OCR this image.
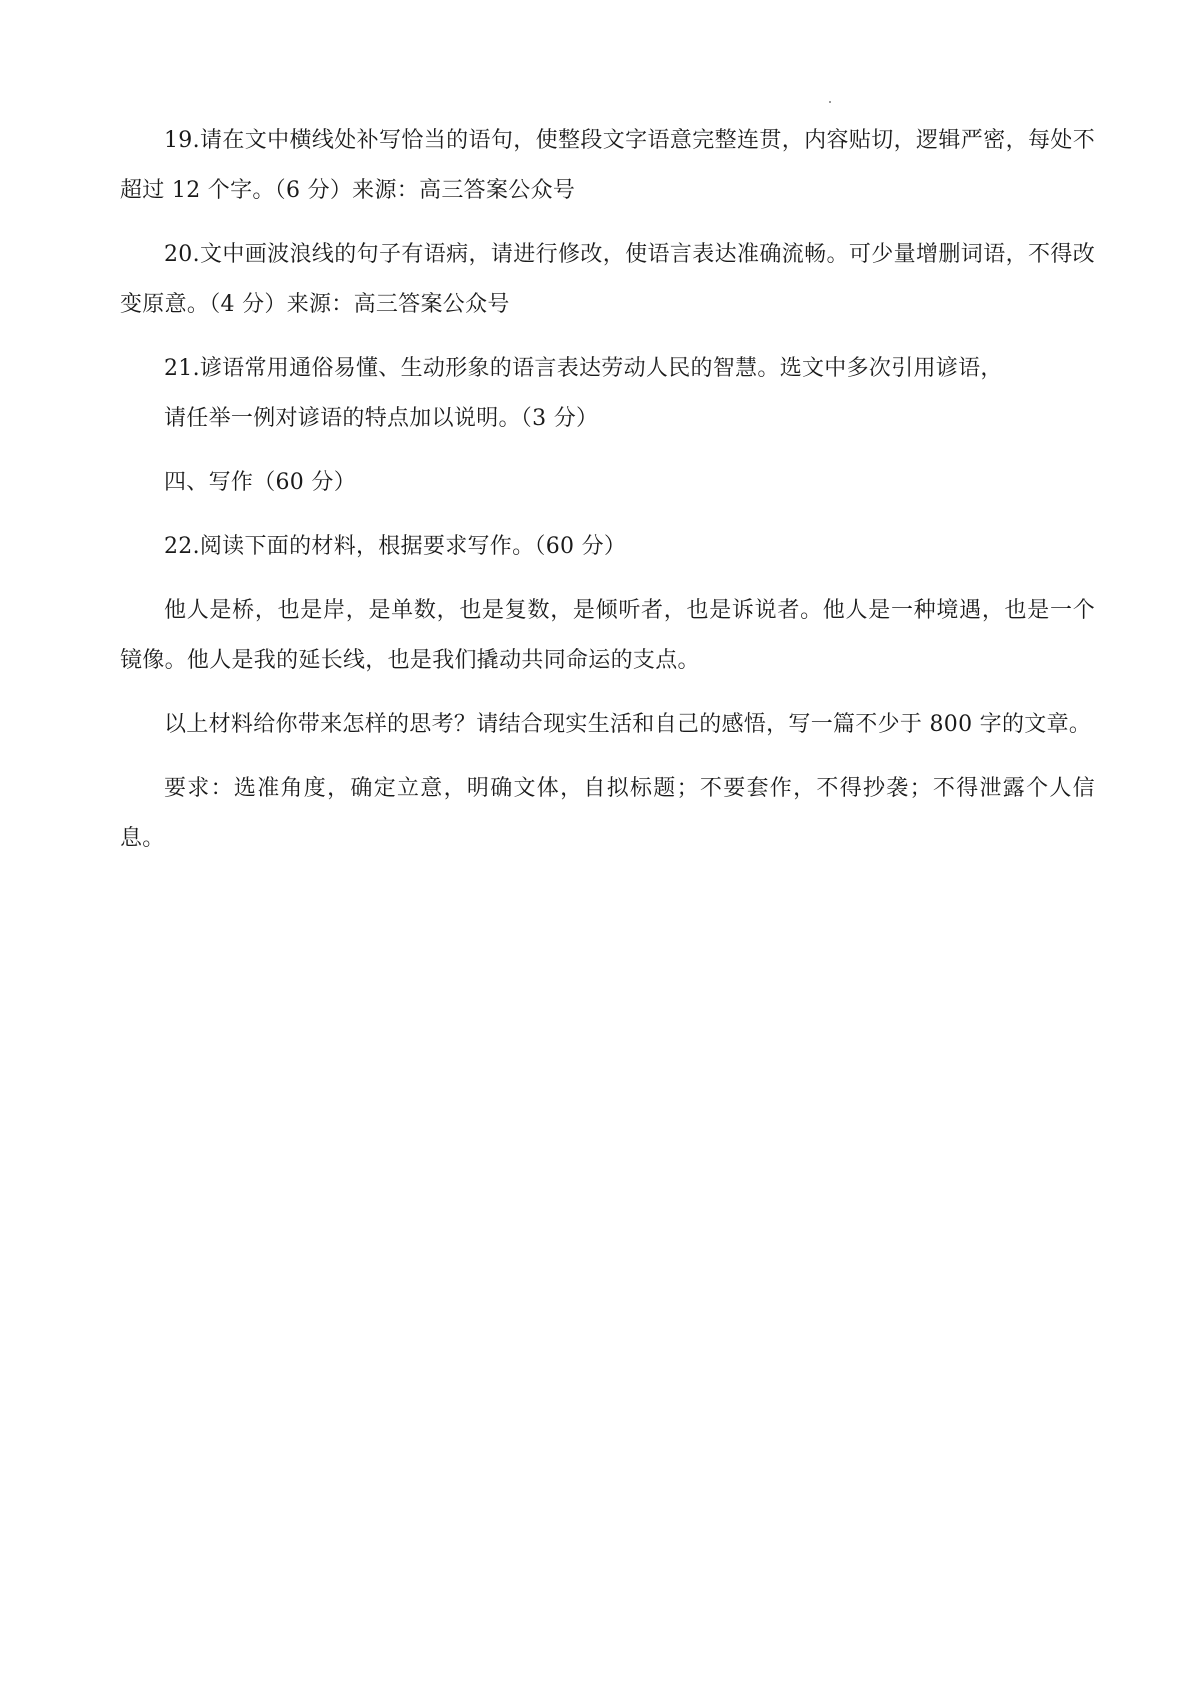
19.请在文中横线处补写恰当的语句，使整段文字语意完整连贯，内容贴切，逻辑严密，每处不超过 12 个字。（6 分）来源：高三答案公众号

20.文中画波浪线的句子有语病，请进行修改，使语言表达准确流畅。可少量增删词语，不得改变原意。（4 分）来源：高三答案公众号

21.谚语常用通俗易懂、生动形象的语言表达劳动人民的智慧。选文中多次引用谚语，

请任举一例对谚语的特点加以说明。（3 分）

四、写作（60 分）

22.阅读下面的材料，根据要求写作。（60 分）

他人是桥，也是岸，是单数，也是复数，是倾听者，也是诉说者。他人是一种境遇，也是一个镜像。他人是我的延长线，也是我们撬动共同命运的支点。

以上材料给你带来怎样的思考？请结合现实生活和自己的感悟，写一篇不少于 800 字的文章。

要求：选准角度，确定立意，明确文体，自拟标题；不要套作，不得抄袭；不得泄露个人信息。
